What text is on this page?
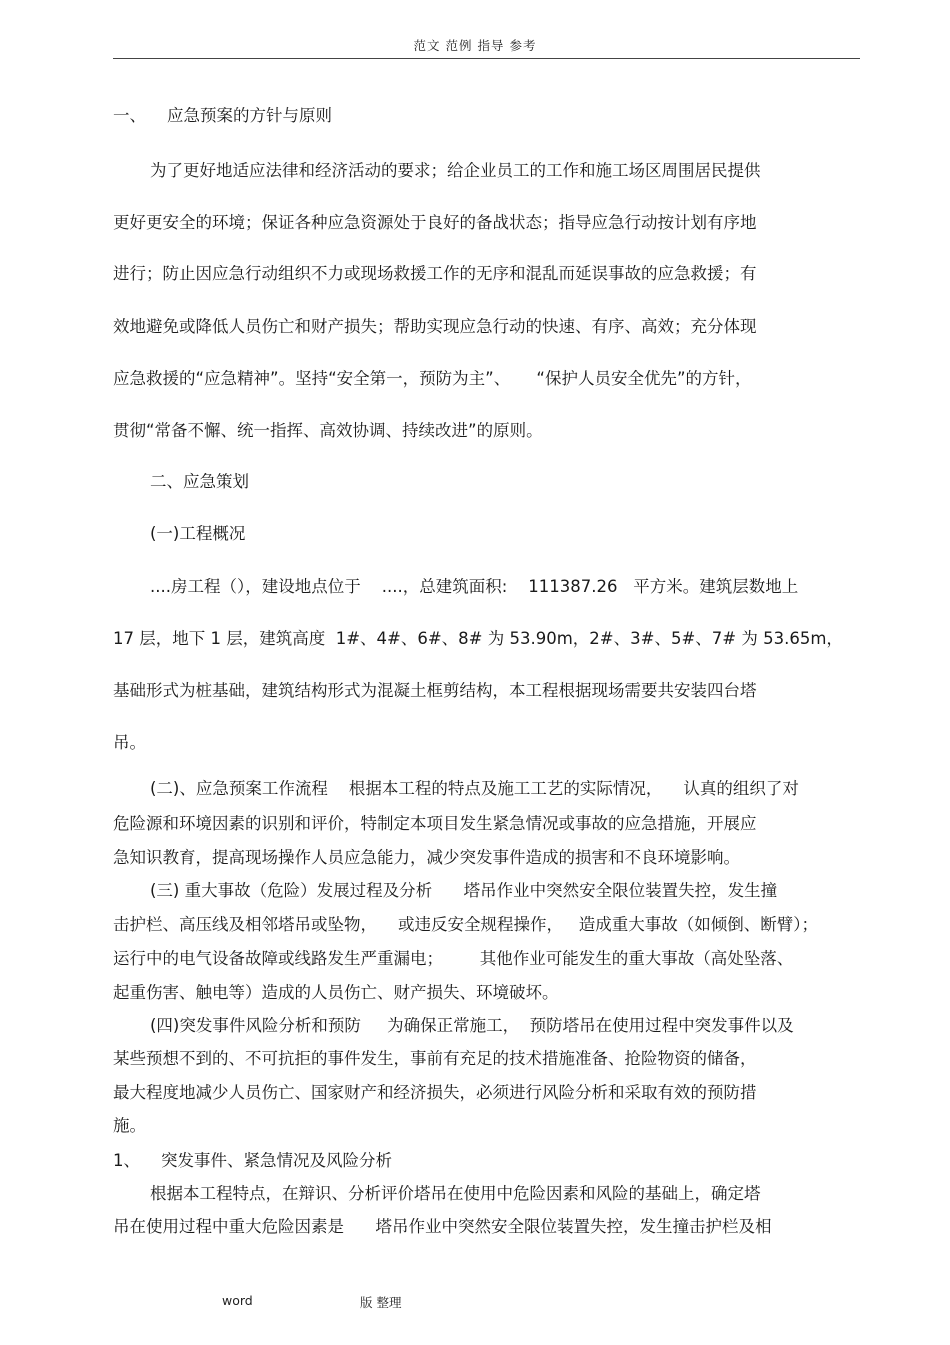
范文 范例 指导 参考
一、    应急预案的方针与原则
为了更好地适应法律和经济活动的要求；给企业员工的工作和施工场区周围居民提供
更好更安全的环境；保证各种应急资源处于良好的备战状态；指导应急行动按计划有序地
进行；防止因应急行动组织不力或现场救援工作的无序和混乱而延误事故的应急救援；有
效地避免或降低人员伤亡和财产损失；帮助实现应急行动的快速、有序、高效；充分体现
应急救援的“应急精神”。坚持“安全第一，预防为主”、     “保护人员安全优先”的方针，
贯彻“常备不懈、统一指挥、高效协调、持续改进”的原则。
二、应急策划
(一)工程概况
....房工程（），建设地点位于    ....，总建筑面积:    111387.26   平方米。建筑层数地上
17 层，地下 1 层，建筑高度  1#、4#、6#、8# 为 53.90m，2#、3#、5#、7# 为 53.65m，
基础形式为桩基础，建筑结构形式为混凝土框剪结构，本工程根据现场需要共安装四台塔
吊。
(二)、应急预案工作流程    根据本工程的特点及施工工艺的实际情况，    认真的组织了对
危险源和环境因素的识别和评价，特制定本项目发生紧急情况或事故的应急措施，开展应
急知识教育，提高现场操作人员应急能力，减少突发事件造成的损害和不良环境影响。
(三) 重大事故（危险）发展过程及分析      塔吊作业中突然安全限位装置失控，发生撞
击护栏、高压线及相邻塔吊或坠物，    或违反安全规程操作，   造成重大事故（如倾倒、断臂）；
运行中的电气设备故障或线路发生严重漏电；       其他作业可能发生的重大事故（高处坠落、
起重伤害、触电等）造成的人员伤亡、财产损失、环境破坏。
(四)突发事件风险分析和预防     为确保正常施工，  预防塔吊在使用过程中突发事件以及
某些预想不到的、不可抗拒的事件发生，事前有充足的技术措施准备、抢险物资的储备，
最大程度地减少人员伤亡、国家财产和经济损失，必须进行风险分析和采取有效的预防措
施。
1、    突发事件、紧急情况及风险分析
根据本工程特点，在辩识、分析评价塔吊在使用中危险因素和风险的基础上，确定塔
吊在使用过程中重大危险因素是      塔吊作业中突然安全限位装置失控，发生撞击护栏及相
word	版 整理
